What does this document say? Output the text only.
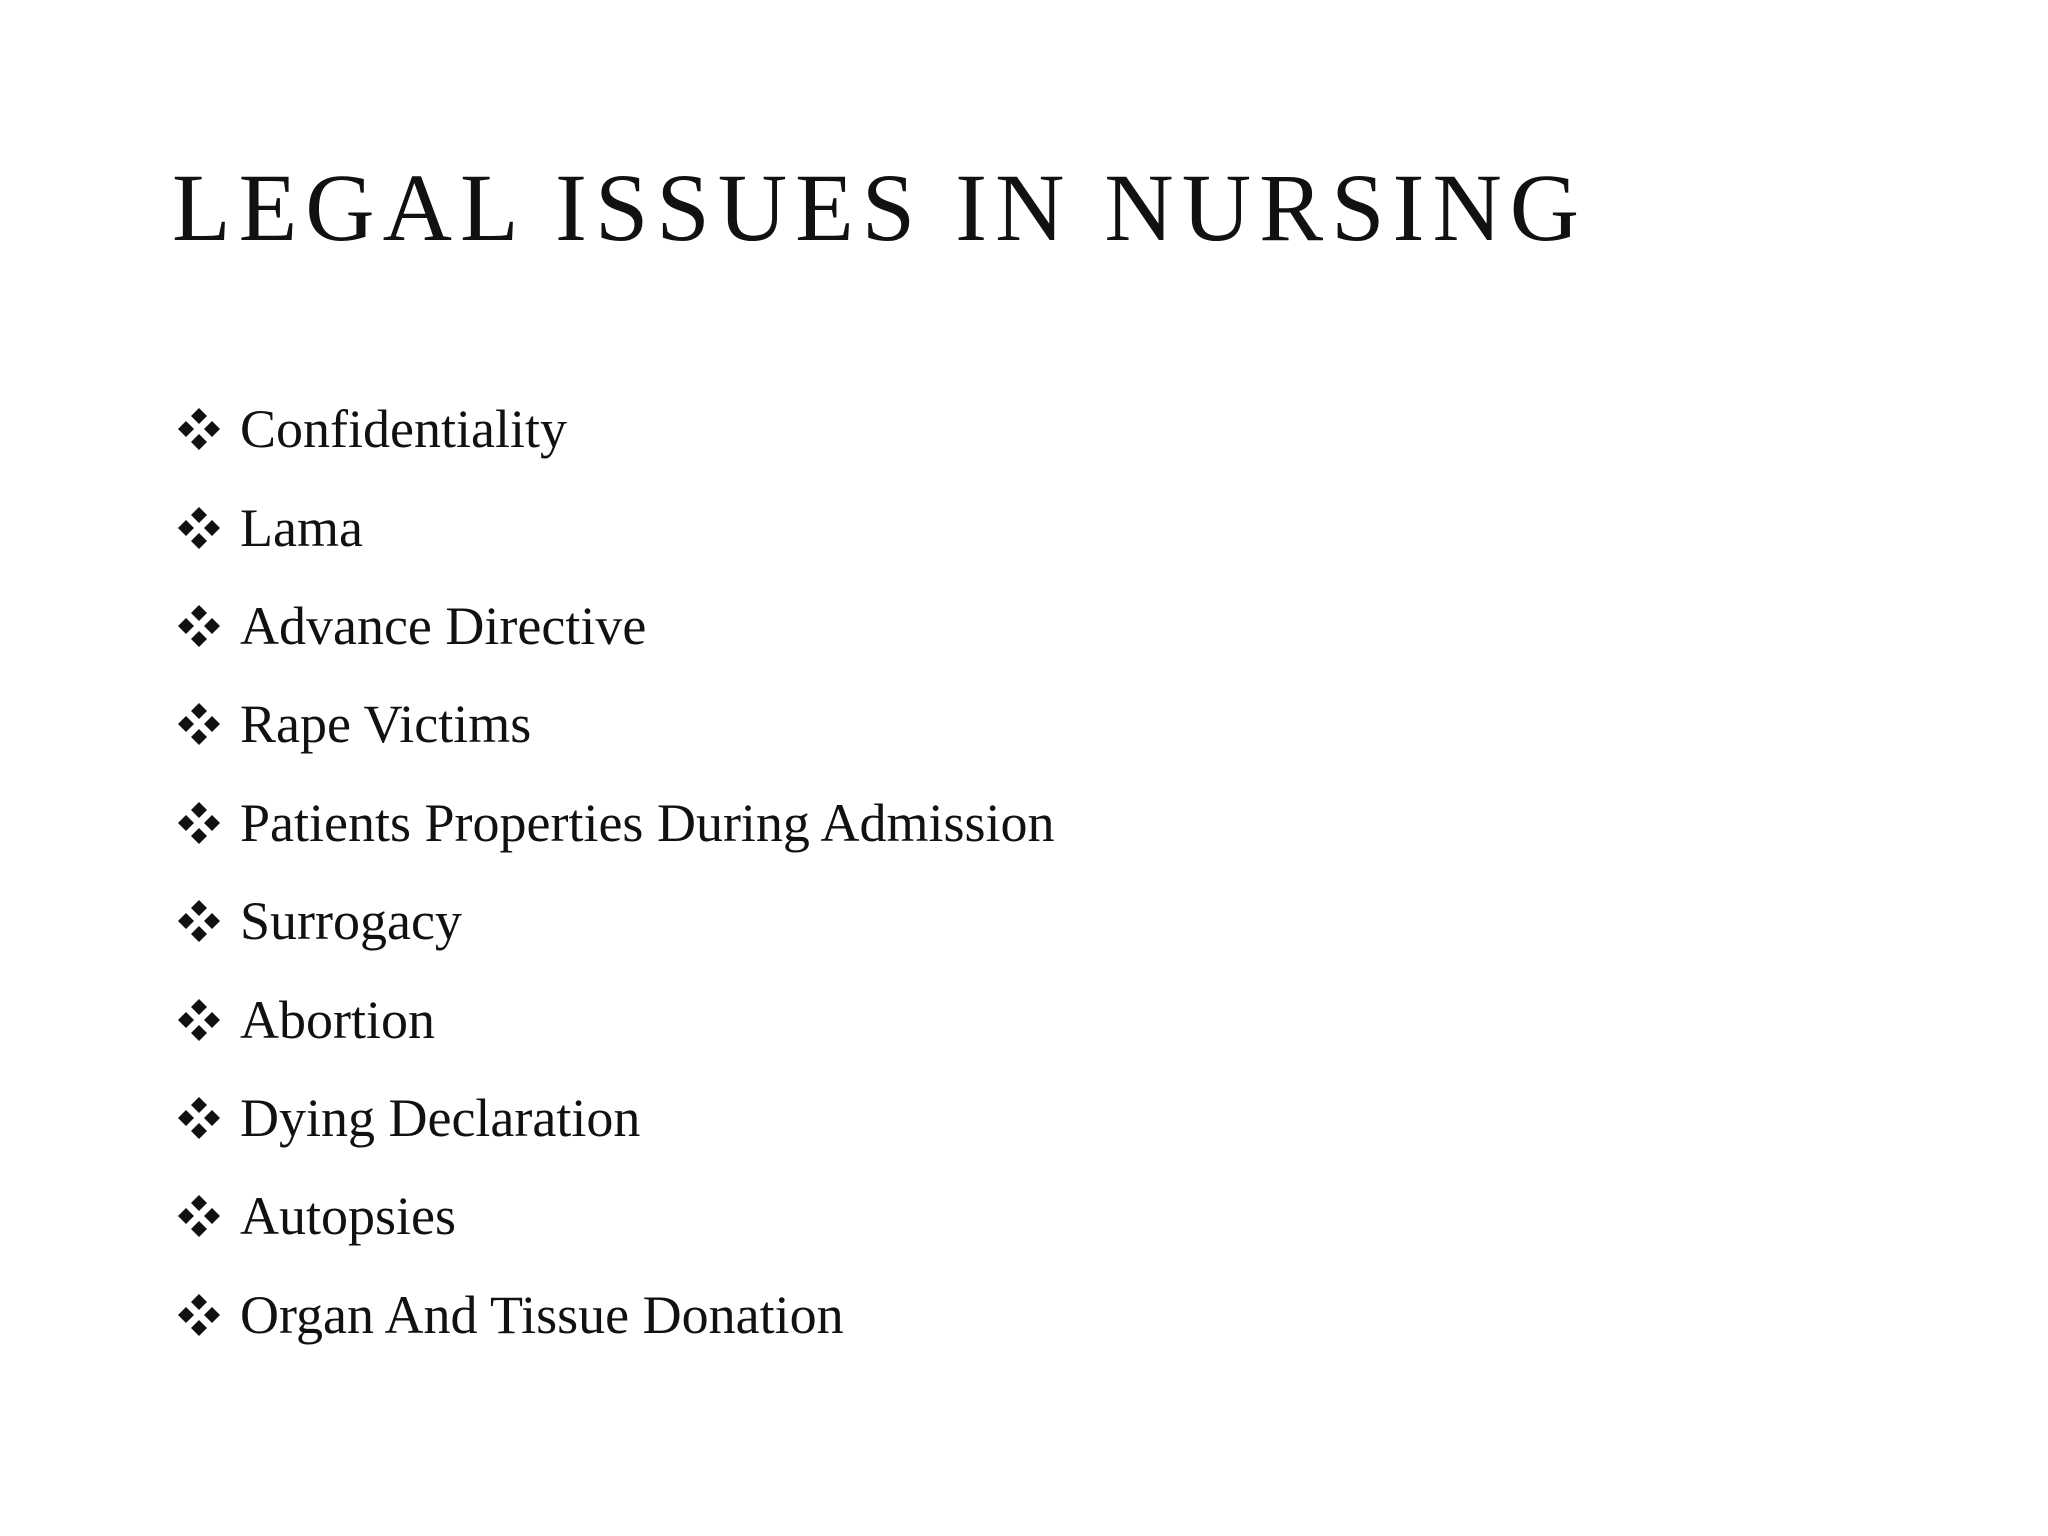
LEGAL ISSUES IN NURSING
Confidentiality
Lama
Advance Directive
Rape Victims
Patients Properties During Admission
Surrogacy
Abortion
Dying Declaration
Autopsies
Organ And Tissue Donation
